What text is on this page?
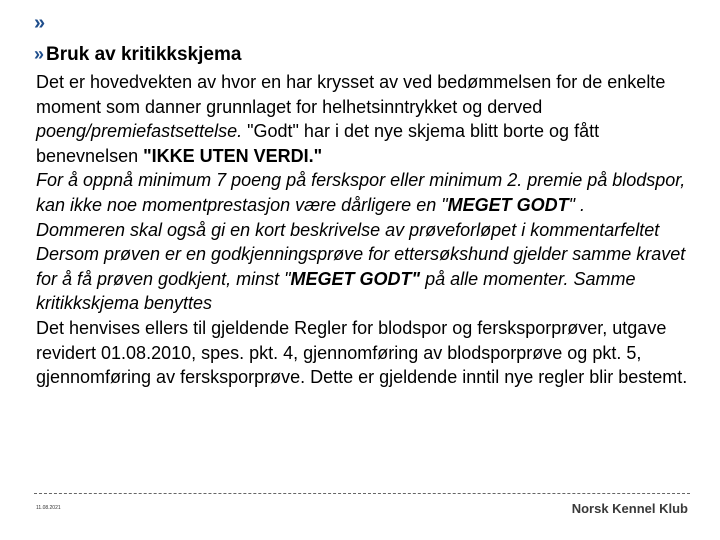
»
» Bruk av kritikkskjema

Det er hovedvekten av hvor en har krysset av ved bedømmelsen for de enkelte moment som danner grunnlaget for helhetsinntrykket og derved poeng/premiefastsettelse. "Godt" har i det nye skjema blitt borte og fått benevnelsen "IKKE UTEN VERDI."

For å oppnå minimum 7 poeng på ferskspor eller minimum 2. premie på blodspor, kan ikke noe momentprestasjon være dårligere en "MEGET GODT" .

Dommeren skal også gi en kort beskrivelse av prøveforløpet i kommentarfeltet

Dersom prøven er en godkjenningsprøve for ettersøkshund gjelder samme kravet for å få prøven godkjent, minst "MEGET GODT" på alle momenter. Samme kritikkskjema benyttes

Det henvises ellers til gjeldende Regler for blodspor og fersksporprøver, utgave revidert 01.08.2010, spes. pkt. 4, gjennomføring av blodsporprøve og pkt. 5, gjennomføring av fersksporprøve. Dette er gjeldende inntil nye regler blir bestemt.

11.08.2021	Norsk Kennel Klub
